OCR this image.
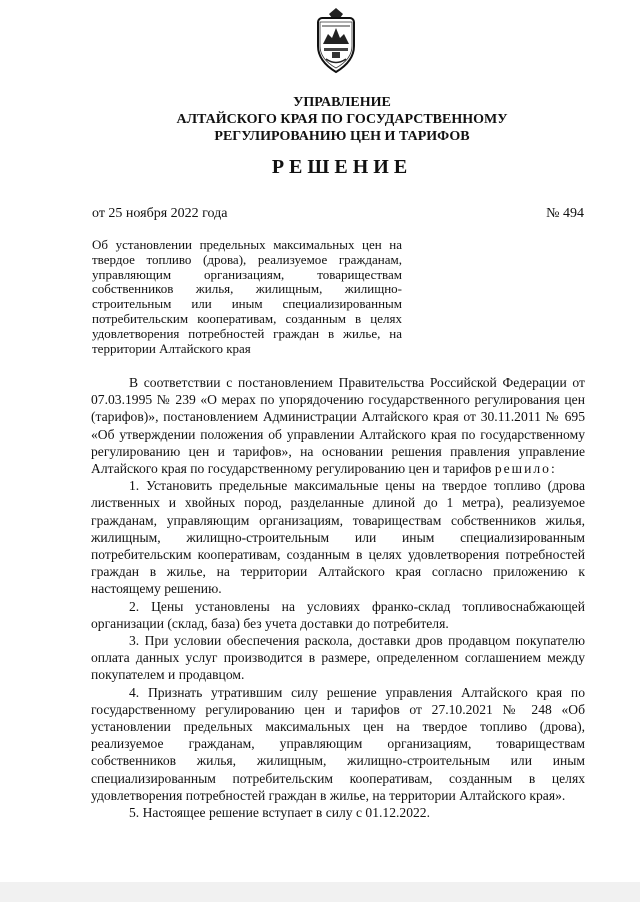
УПРАВЛЕНИЕ
АЛТАЙСКОГО КРАЯ ПО ГОСУДАРСТВЕННОМУ
РЕГУЛИРОВАНИЮ ЦЕН И ТАРИФОВ
РЕШЕНИЕ
от 25 ноября 2022 года	№ 494
Об установлении предельных максимальных цен на твердое топливо (дрова), реализуемое гражданам, управляющим организациям, товариществам собственников жилья, жилищным, жилищно-строительным или иным специализированным потребительским кооперативам, созданным в целях удовлетворения потребностей граждан в жилье, на территории Алтайского края

В соответствии с постановлением Правительства Российской Федерации от 07.03.1995 № 239 «О мерах по упорядочению государственного регулирования цен (тарифов)», постановлением Администрации Алтайского края от 30.11.2011 № 695 «Об утверждении положения об управлении Алтайского края по государственному регулированию цен и тарифов», на основании решения правления управление Алтайского края по государственному регулированию цен и тарифов решило:

1. Установить предельные максимальные цены на твердое топливо (дрова лиственных и хвойных пород, разделанные длиной до 1 метра), реализуемое гражданам, управляющим организациям, товариществам собственников жилья, жилищным, жилищно-строительным или иным специализированным потребительским кооперативам, созданным в целях удовлетворения потребностей граждан в жилье, на территории Алтайского края согласно приложению к настоящему решению.

2. Цены установлены на условиях франко-склад топливоснабжающей организации (склад, база) без учета доставки до потребителя.

3. При условии обеспечения раскола, доставки дров продавцом покупателю оплата данных услуг производится в размере, определенном соглашением между покупателем и продавцом.

4. Признать утратившим силу решение управления Алтайского края по государственному регулированию цен и тарифов от 27.10.2021 № 248 «Об установлении предельных максимальных цен на твердое топливо (дрова), реализуемое гражданам, управляющим организациям, товариществам собственников жилья, жилищным, жилищно-строительным или иным специализированным потребительским кооперативам, созданным в целях удовлетворения потребностей граждан в жилье, на территории Алтайского края».

5. Настоящее решение вступает в силу с 01.12.2022.
